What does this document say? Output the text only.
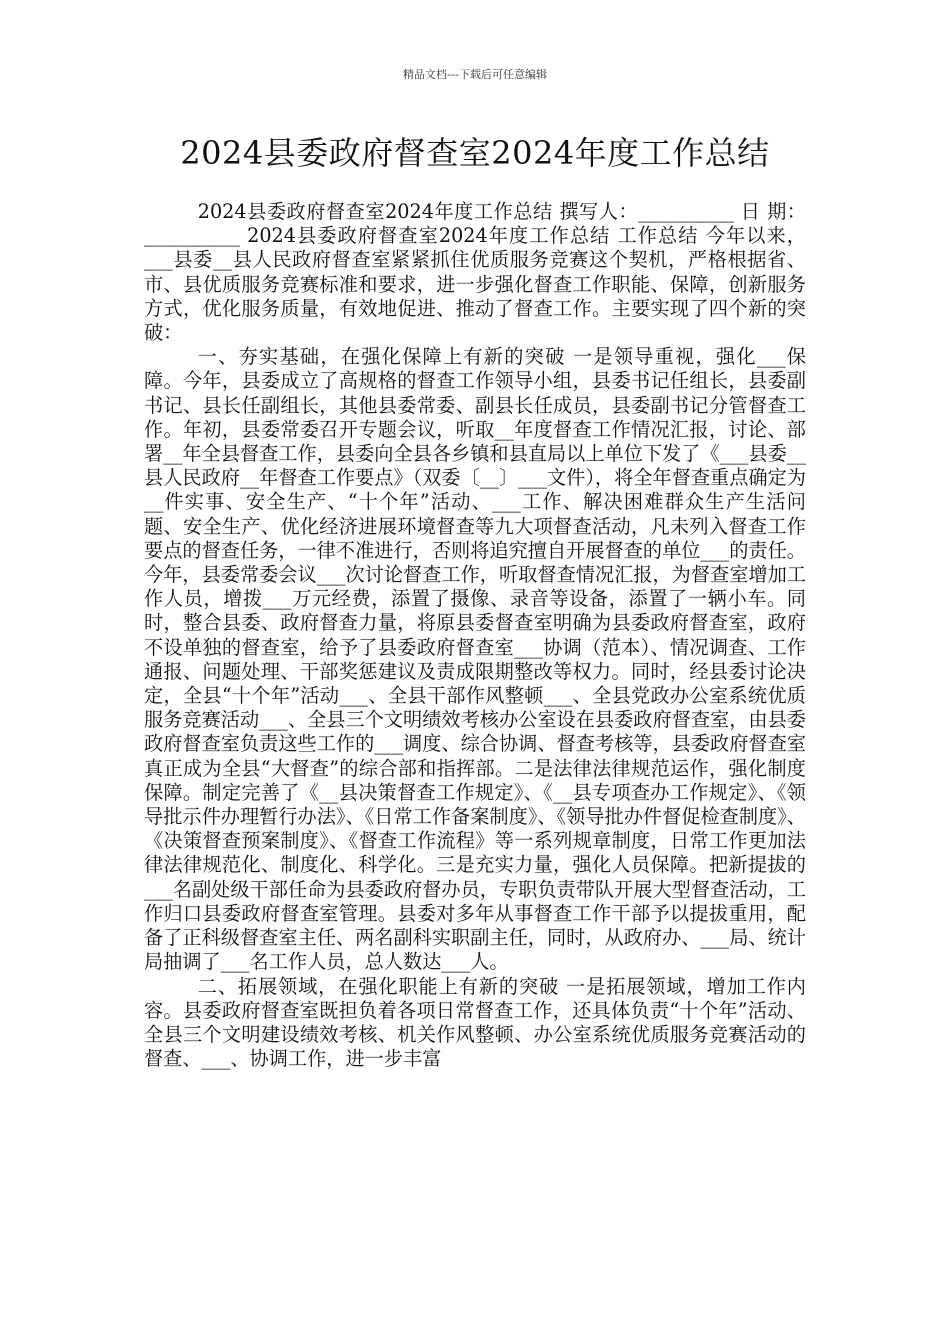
精品文档---下载后可任意编辑
2024县委政府督查室2024年度工作总结

2024县委政府督查室2024年度工作总结 撰写人：__________ 日 期：__________ 2024县委政府督查室2024年度工作总结 工作总结 今年以来，___县委__县人民政府督查室紧紧抓住优质服务竞赛这个契机，严格根据省、市、县优质服务竞赛标准和要求，进一步强化督查工作职能、保障，创新服务方式，优化服务质量，有效地促进、推动了督查工作。主要实现了四个新的突破：

一、夯实基础，在强化保障上有新的突破 一是领导重视，强化___保障。今年，县委成立了高规格的督查工作领导小组，县委书记任组长，县委副书记、县长任副组长，其他县委常委、副县长任成员，县委副书记分管督查工作。年初，县委常委召开专题会议，听取__年度督查工作情况汇报，讨论、部署__年全县督查工作，县委向全县各乡镇和县直局以上单位下发了《___县委__县人民政府__年督查工作要点》（双委〔__〕___文件），将全年督查重点确定为__件实事、安全生产、“十个年”活动、___工作、解决困难群众生产生活问题、安全生产、优化经济进展环境督查等九大项督查活动，凡未列入督查工作要点的督查任务，一律不准进行，否则将追究擅自开展督查的单位___的责任。今年，县委常委会议___次讨论督查工作，听取督查情况汇报，为督查室增加工作人员，增拨___万元经费，添置了摄像、录音等设备，添置了一辆小车。同时，整合县委、政府督查力量，将原县委督查室明确为县委政府督查室，政府不设单独的督查室，给予了县委政府督查室___协调（范本）、情况调查、工作通报、问题处理、干部奖惩建议及责成限期整改等权力。同时，经县委讨论决定，全县“十个年”活动___、全县干部作风整顿___、全县党政办公室系统优质服务竞赛活动___、全县三个文明绩效考核办公室设在县委政府督查室，由县委政府督查室负责这些工作的___调度、综合协调、督查考核等，县委政府督查室真正成为全县“大督查”的综合部和指挥部。二是法律法律规范运作，强化制度保障。制定完善了《__县决策督查工作规定》、《__县专项查办工作规定》、《领导批示件办理暂行办法》、《日常工作备案制度》、《领导批办件督促检查制度》、《决策督查预案制度》、《督查工作流程》等一系列规章制度，日常工作更加法律法律规范化、制度化、科学化。三是充实力量，强化人员保障。把新提拔的___名副处级干部任命为县委政府督办员，专职负责带队开展大型督查活动，工作归口县委政府督查室管理。县委对多年从事督查工作干部予以提拔重用，配备了正科级督查室主任、两名副科实职副主任，同时，从政府办、___局、统计局抽调了___名工作人员，总人数达___人。

二、拓展领域，在强化职能上有新的突破 一是拓展领域，增加工作内容。县委政府督查室既担负着各项日常督查工作，还具体负责“十个年”活动、全县三个文明建设绩效考核、机关作风整顿、办公室系统优质服务竞赛活动的督查、___、协调工作，进一步丰富
